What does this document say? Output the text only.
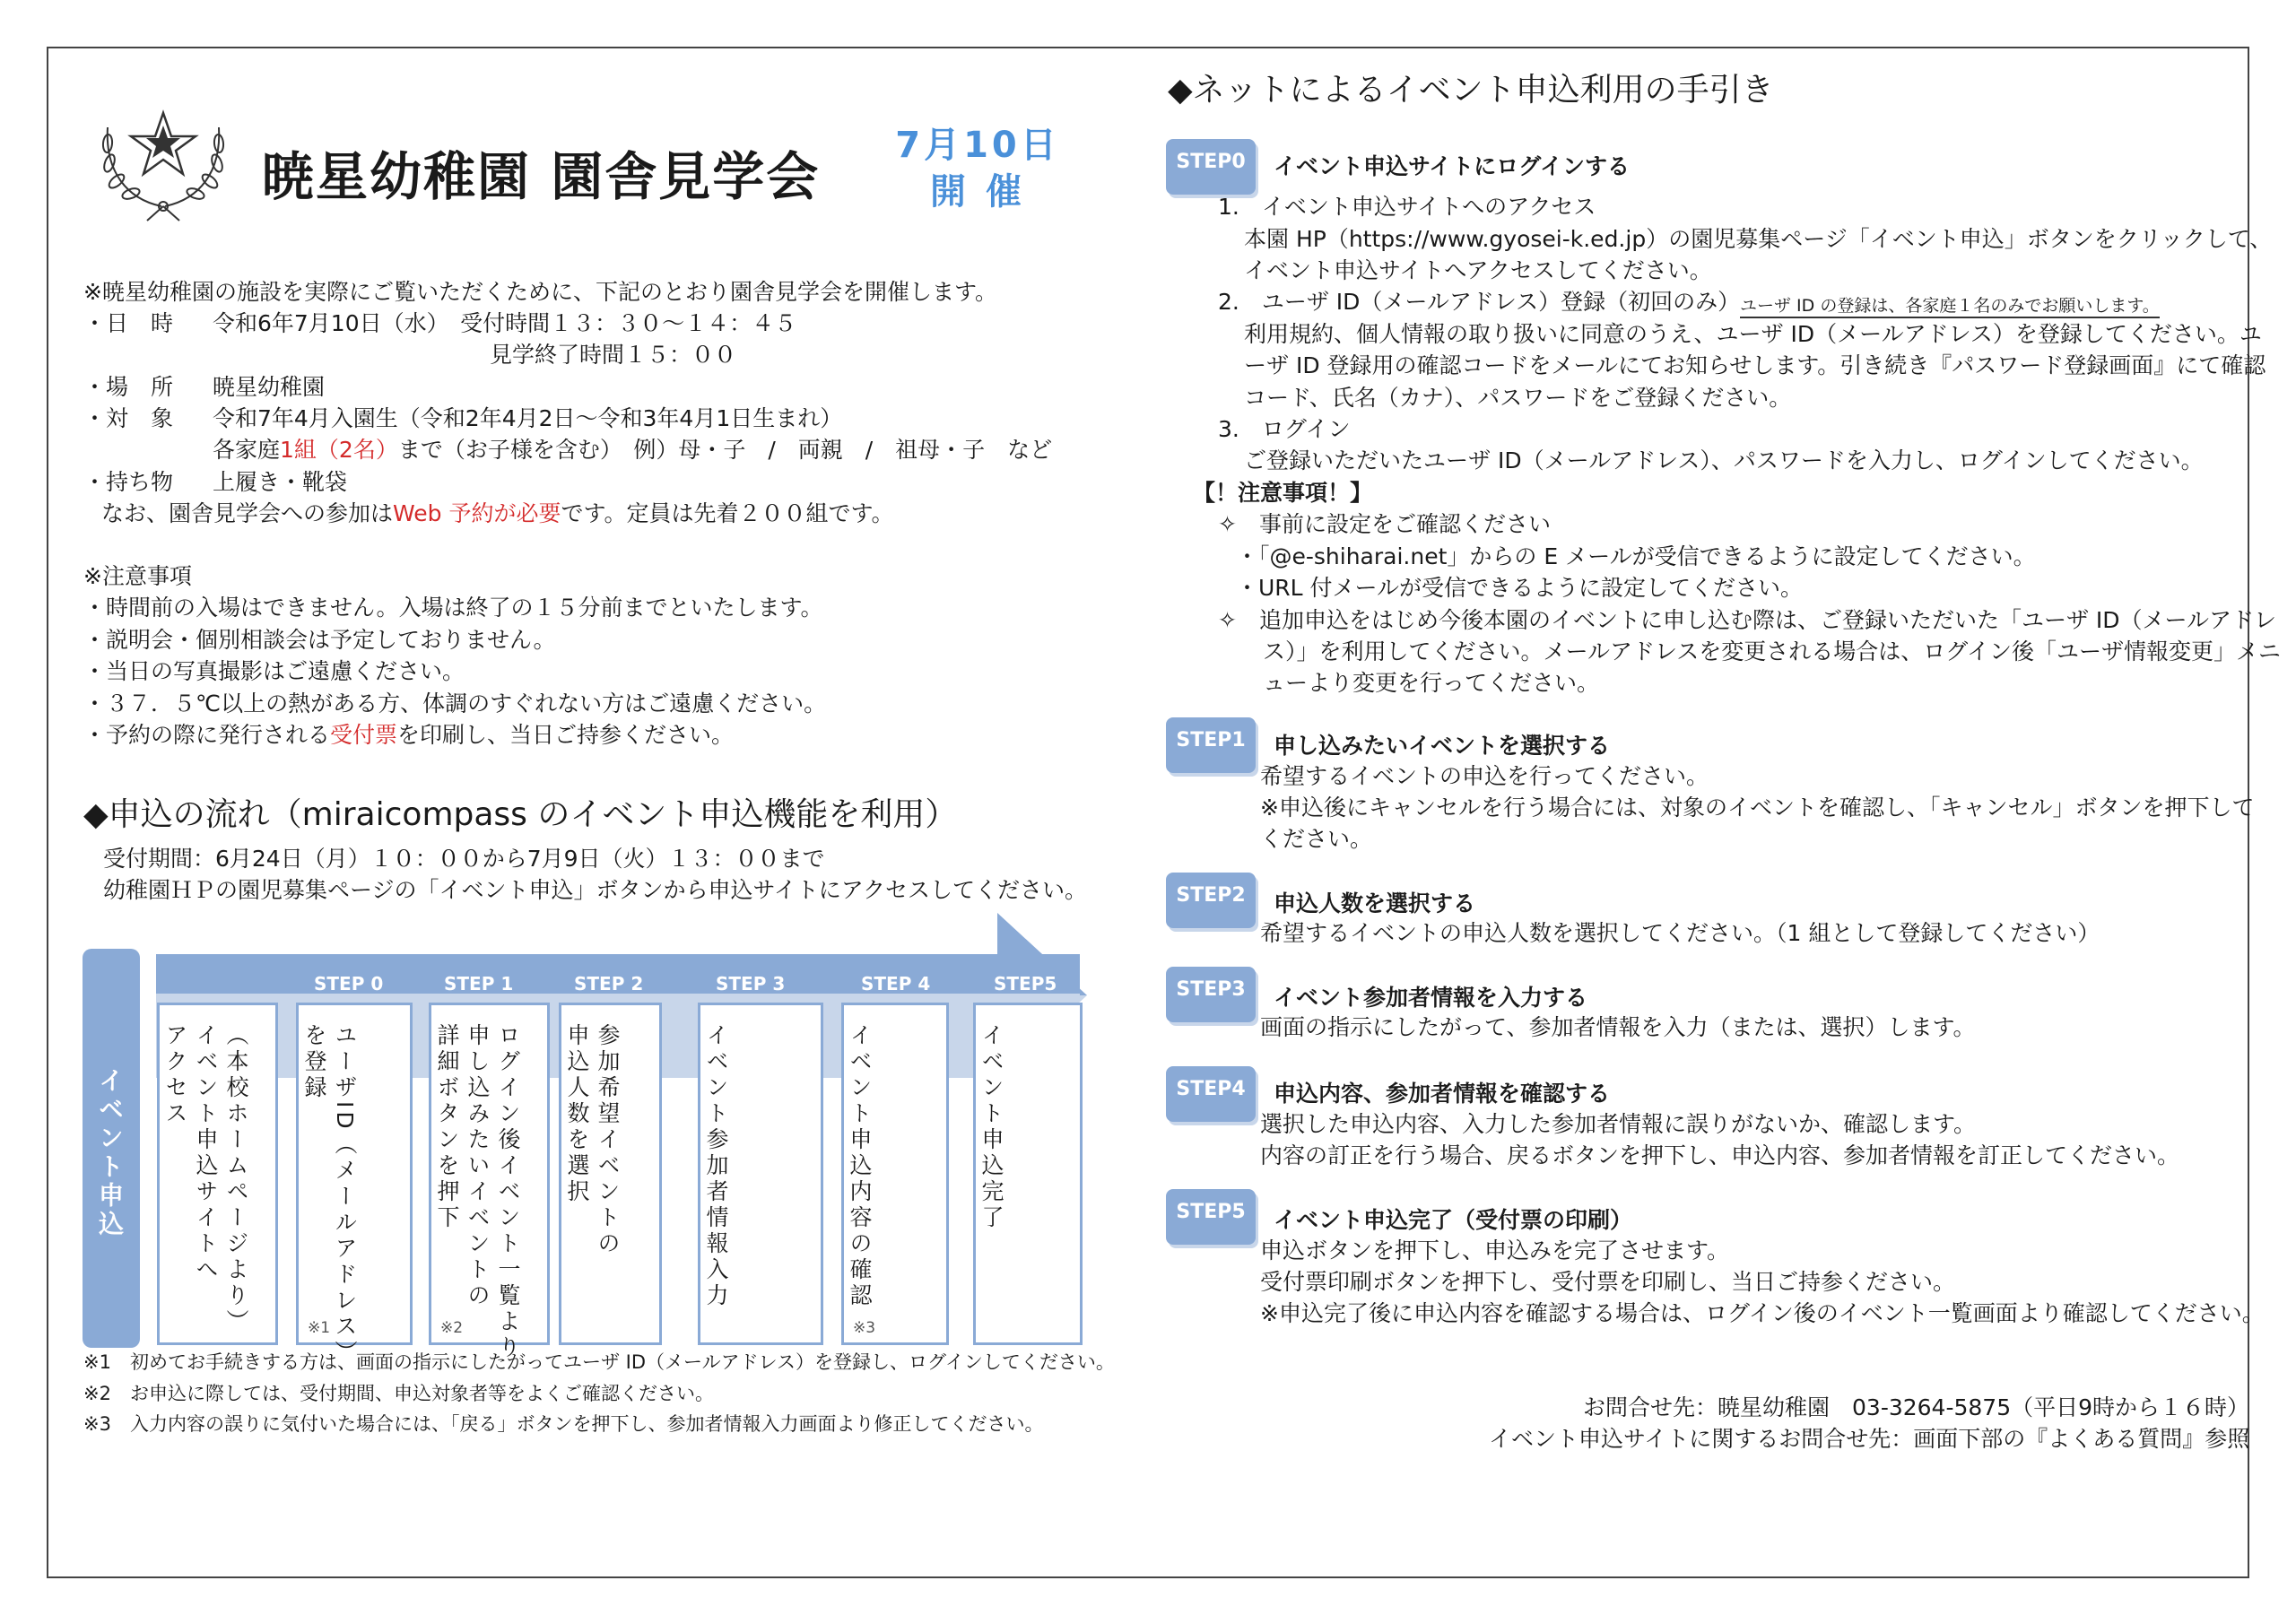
暁星幼稚園 園舎見学会
7月10日
開 催
※暁星幼稚園の施設を実際にご覧いただくために、下記のとおり園舎見学会を開催します。
・日　時 令和6年7月10日（水）　受付時間１３：３０～１４：４５
見学終了時間１５：００
・場　所 暁星幼稚園
・対　象 令和7年4月入園生（令和2年4月2日～令和3年4月1日生まれ）
各家庭1組（2名）まで（お子様を含む）　例）母・子　/　両親　/　祖母・子　など
・持ち物 上履き・靴袋
なお、園舎見学会への参加はWeb 予約が必要です。定員は先着２００組です。
※注意事項
・時間前の入場はできません。入場は終了の１５分前までといたします。
・説明会・個別相談会は予定しておりません。
・当日の写真撮影はご遠慮ください。
・３７．５℃以上の熱がある方、体調のすぐれない方はご遠慮ください。
・予約の際に発行される受付票を印刷し、当日ご持参ください。
◆申込の流れ（miraicompass のイベント申込機能を利用）
受付期間：6月24日（月）１０：００から7月9日（火）１３：００まで
幼稚園ＨＰの園児募集ページの「イベント申込」ボタンから申込サイトにアクセスしてください。
イベント申込
STEP 0	STEP 1	STEP 2	STEP 3	STEP 4	STEP5
（本校ホームページより）
イベント申込サイトへ
アクセス	ユーザID（メールアドレス）
を登録
※1	ログイン後イベント一覧より
申し込みたいイベントの
詳細ボタンを押下
※2
参加希望イベントの
申込人数を選択	イベント参加者情報入力	イベント申込内容の確認
※3
イベント申込完了
※1　初めてお手続きする方は、画面の指示にしたがってユーザ ID（メールアドレス）を登録し、ログインしてください。
※2　お申込に際しては、受付期間、申込対象者等をよくご確認ください。
※3　入力内容の誤りに気付いた場合には、「戻る」ボタンを押下し、参加者情報入力画面より修正してください。
◆ネットによるイベント申込利用の手引き
STEP0	イベント申込サイトにログインする
1.　イベント申込サイトへのアクセス
本園 HP（https://www.gyosei-k.ed.jp）の園児募集ページ「イベント申込」ボタンをクリックして、
イベント申込サイトへアクセスしてください。
2.　ユーザ ID（メールアドレス）登録（初回のみ） ユーザ ID の登録は、各家庭１名のみでお願いします。
利用規約、個人情報の取り扱いに同意のうえ、ユーザ ID（メールアドレス）を登録してください。ユ
ーザ ID 登録用の確認コードをメールにてお知らせします。引き続き『パスワード登録画面』にて確認
コード、氏名（カナ）、パスワードをご登録ください。
3.　ログイン
ご登録いただいたユーザ ID（メールアドレス）、パスワードを入力し、ログインしてください。
【！注意事項！】
✧　事前に設定をご確認ください
・「@e-shiharai.net」からの E メールが受信できるように設定してください。
・URL 付メールが受信できるように設定してください。
✧　追加申込をはじめ今後本園のイベントに申し込む際は、ご登録いただいた「ユーザ ID（メールアドレ
ス）」を利用してください。メールアドレスを変更される場合は、ログイン後「ユーザ情報変更」メニ
ューより変更を行ってください。
STEP1	申し込みたいイベントを選択する
希望するイベントの申込を行ってください。
※申込後にキャンセルを行う場合には、対象のイベントを確認し、「キャンセル」ボタンを押下して
ください。
STEP2	申込人数を選択する
希望するイベントの申込人数を選択してください。（1 組として登録してください）
STEP3	イベント参加者情報を入力する
画面の指示にしたがって、参加者情報を入力（または、選択）します。
STEP4	申込内容、参加者情報を確認する
選択した申込内容、入力した参加者情報に誤りがないか、確認します。
内容の訂正を行う場合、戻るボタンを押下し、申込内容、参加者情報を訂正してください。
STEP5	イベント申込完了（受付票の印刷）
申込ボタンを押下し、申込みを完了させます。
受付票印刷ボタンを押下し、受付票を印刷し、当日ご持参ください。
※申込完了後に申込内容を確認する場合は、ログイン後のイベント一覧画面より確認してください。
お問合せ先：暁星幼稚園　03-3264-5875（平日9時から１６時）
イベント申込サイトに関するお問合せ先：画面下部の『よくある質問』参照
